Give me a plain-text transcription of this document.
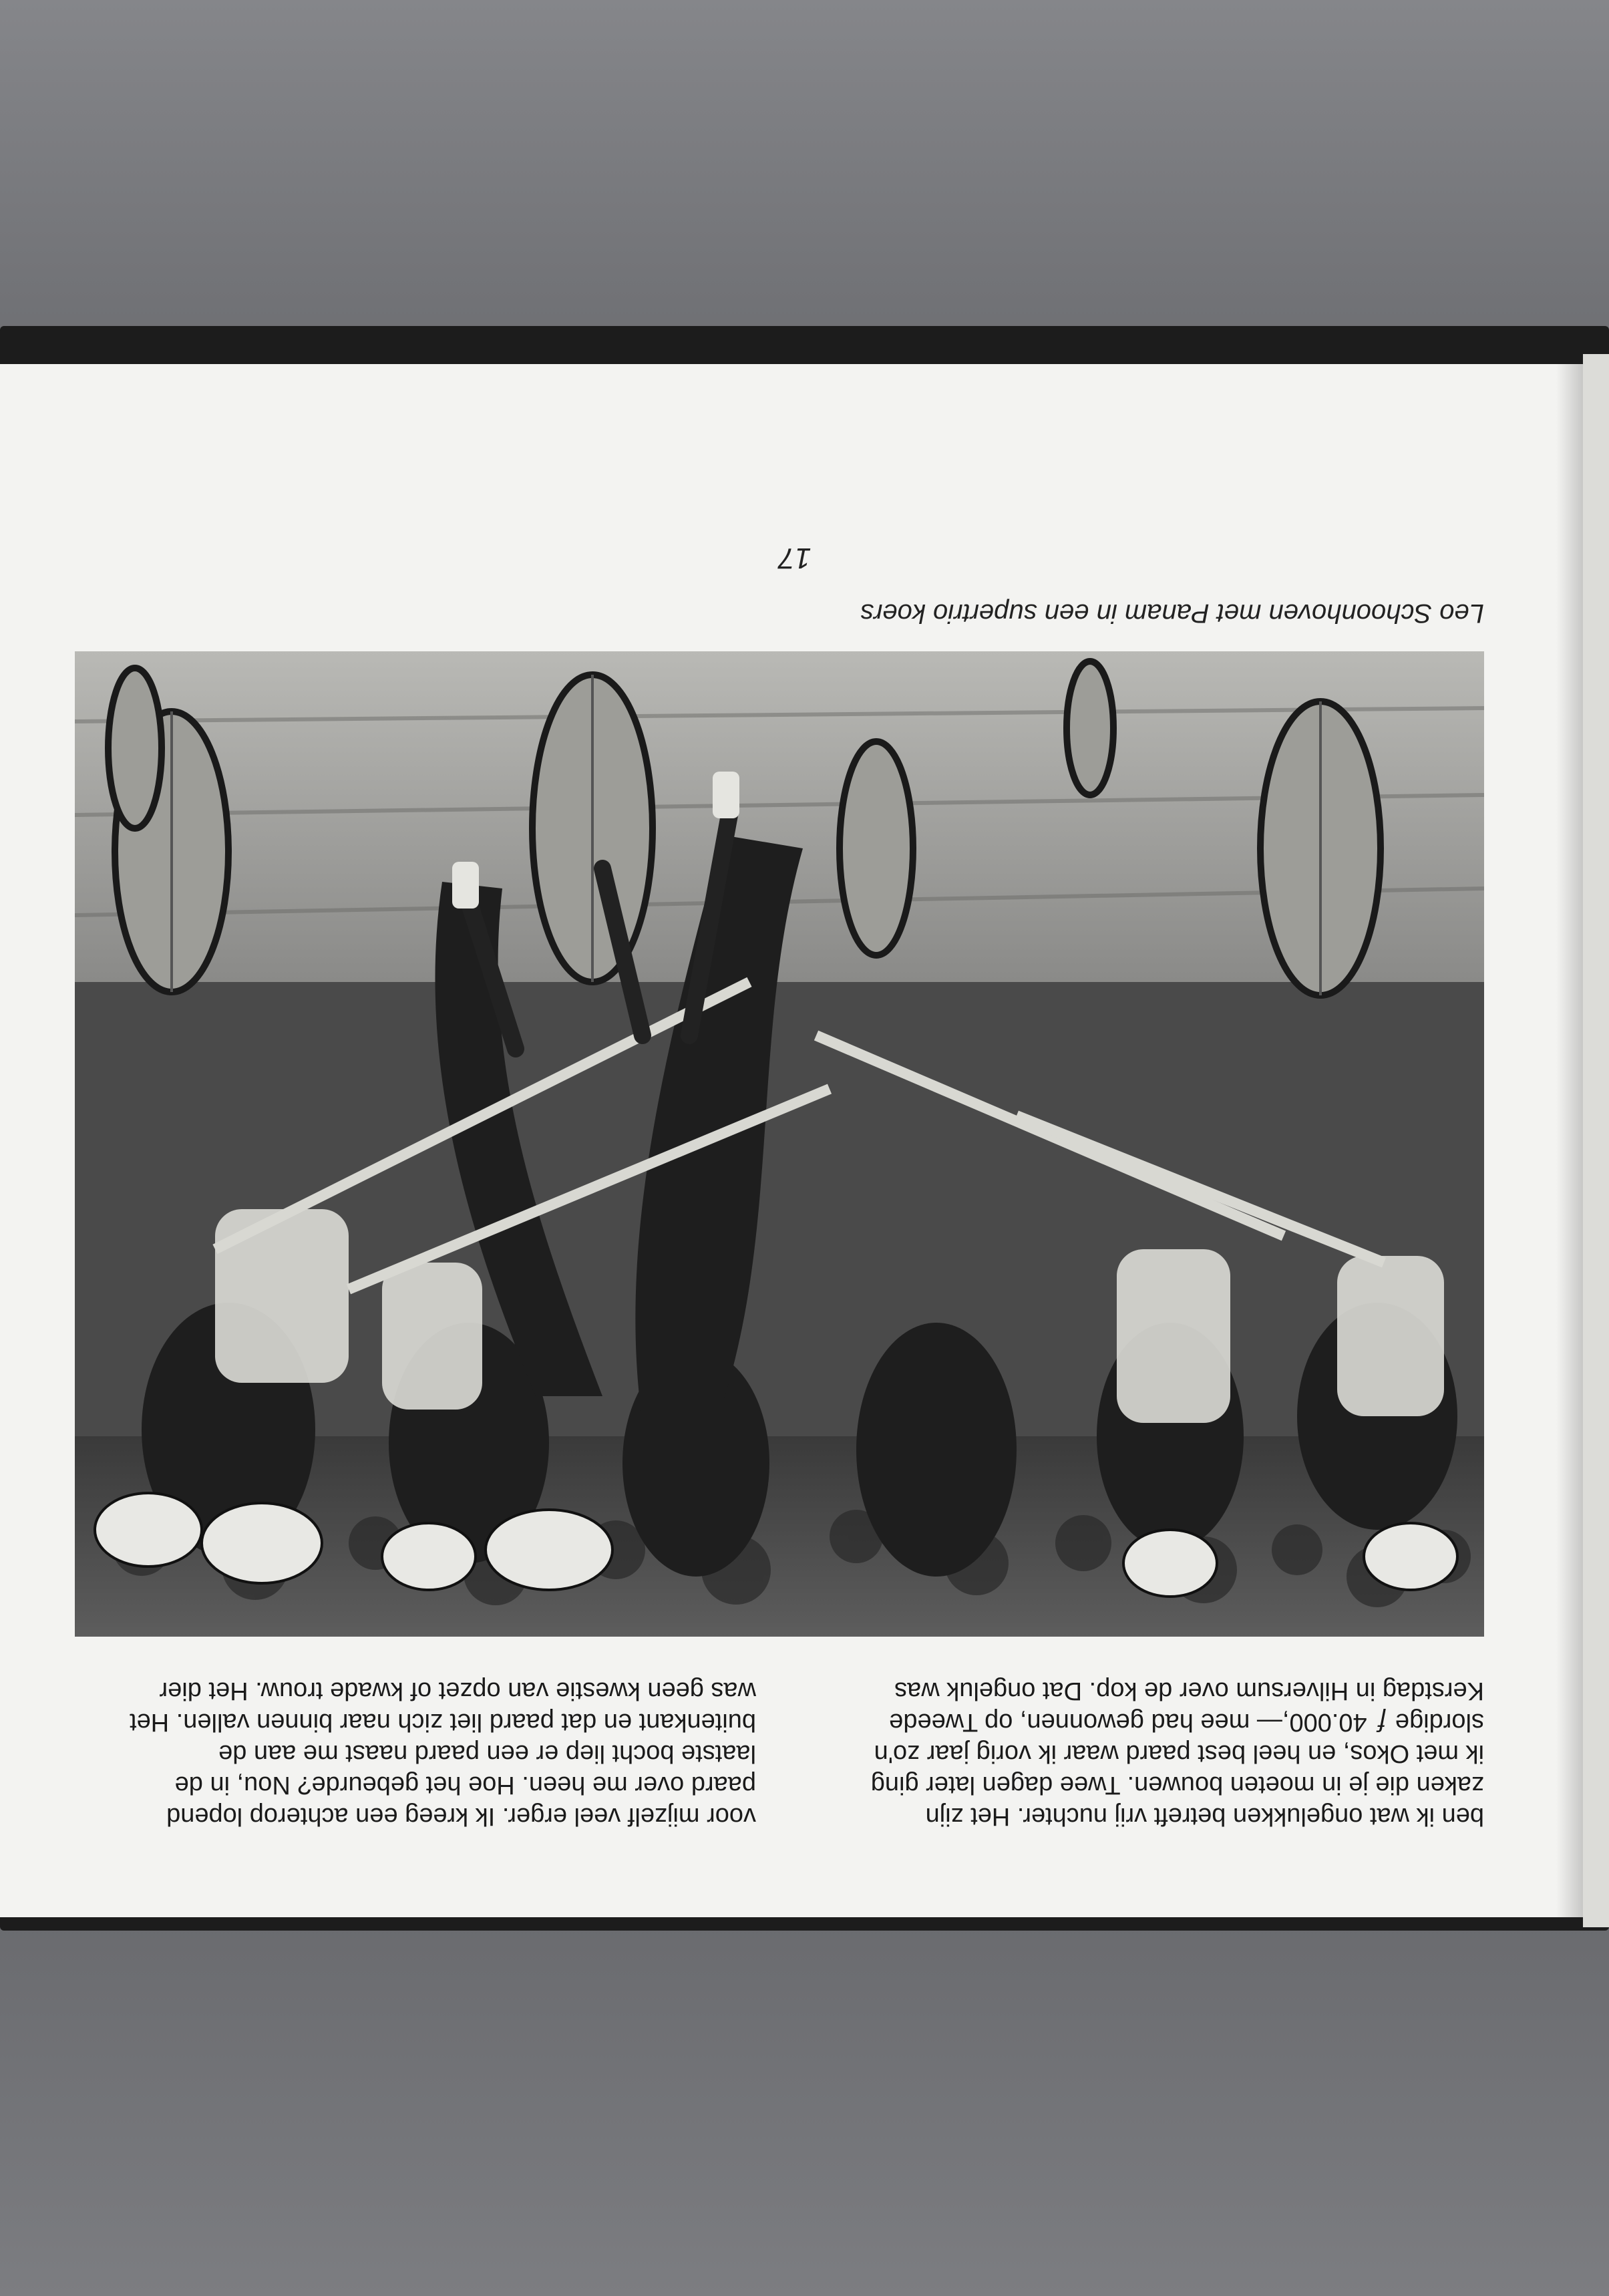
ben ik wat ongelukken betreft vrij nuchter. Het zijn
zaken die je in moeten bouwen. Twee dagen later ging
ik met Okos, en heel best paard waar ik vorig jaar zo'n
slordige ƒ 40.000,— mee had gewonnen, op Tweede
Kerstdag in Hilversum over de kop. Dat ongeluk was
voor mijzelf veel erger. Ik kreeg een achterop lopend
paard over me heen. Hoe het gebeurde? Nou, in de
laatste bocht liep er een paard naast me aan de
buitenkant en dat paard liet zich naar binnen vallen. Het
was geen kwestie van opzet of kwade trouw. Het dier

Leo Schoonhoven met Panam in een supertrio koers

17
